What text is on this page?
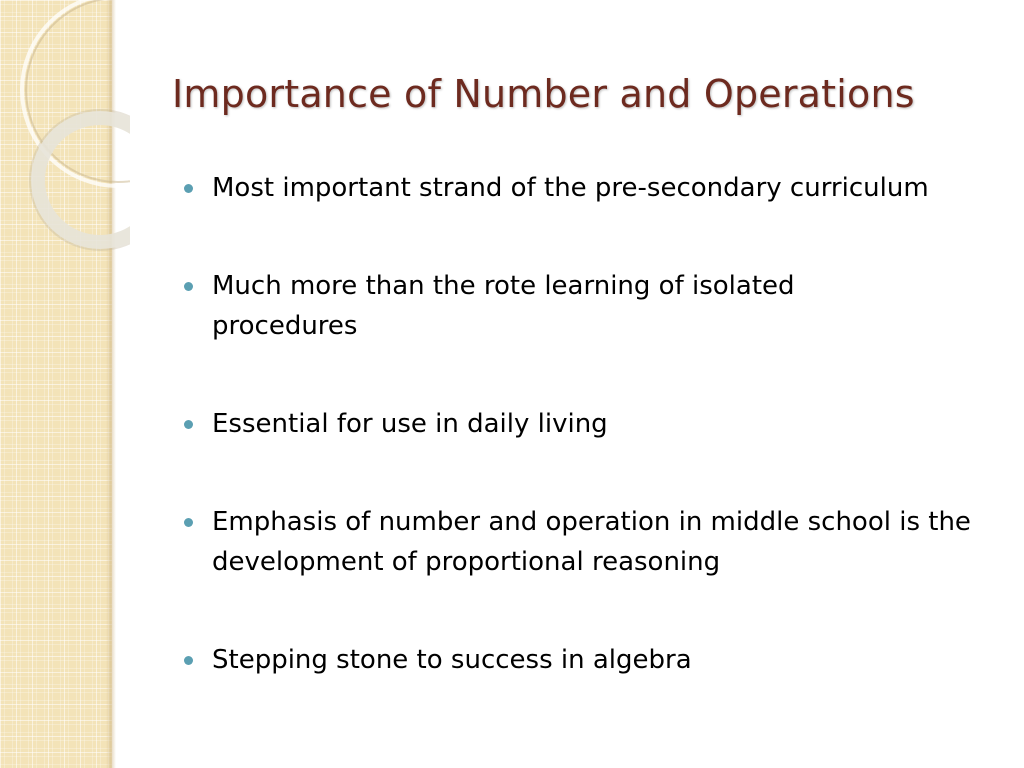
Importance of Number and Operations
Most important strand of the pre-secondary curriculum
Much more than the rote learning of isolated procedures
Essential for use in daily living
Emphasis of number and operation in middle school is the development of proportional reasoning
Stepping stone to success in algebra
